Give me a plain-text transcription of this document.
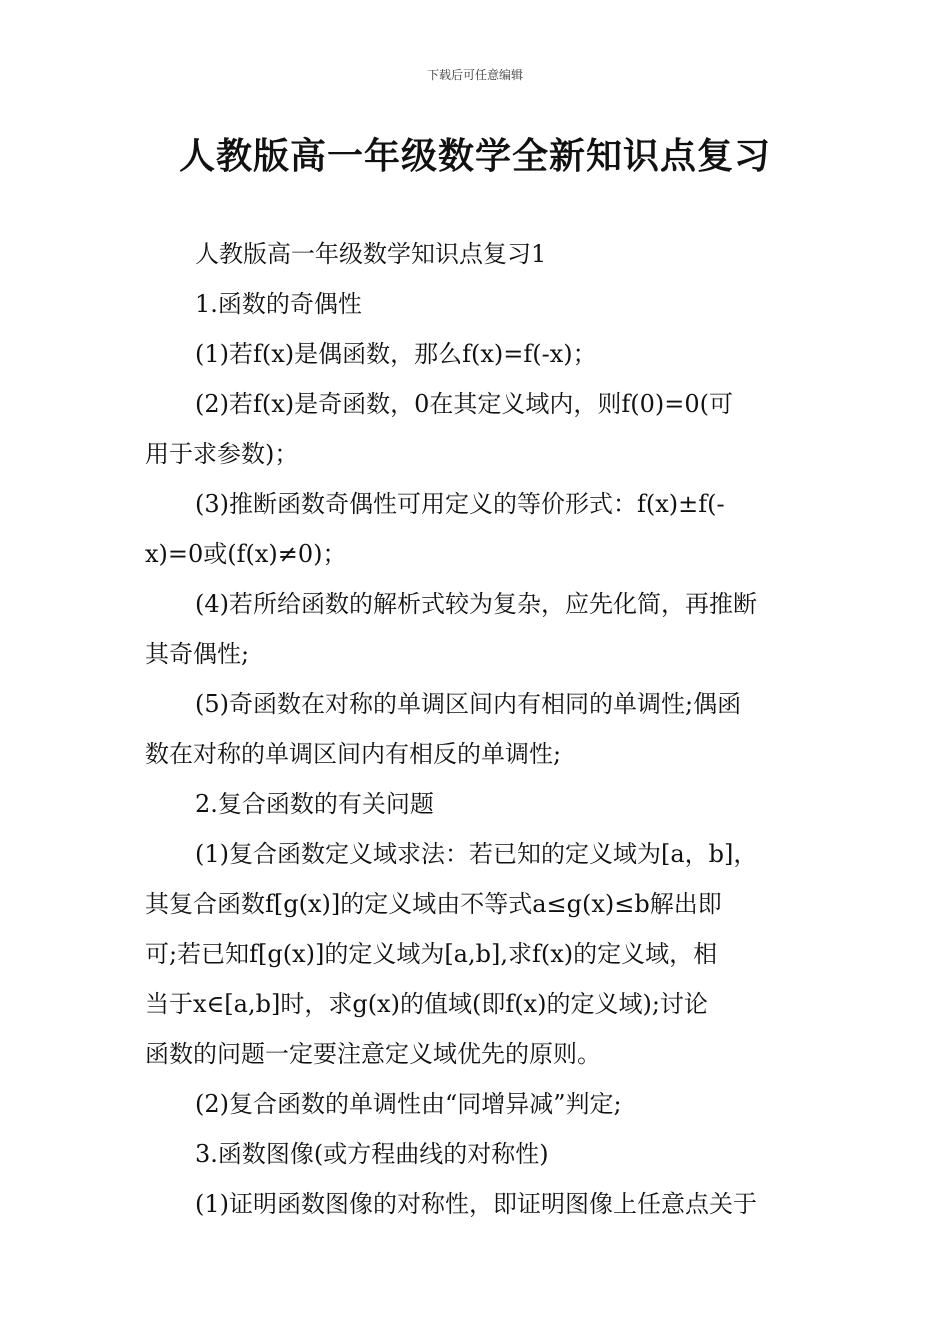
下载后可任意编辑
人教版高一年级数学全新知识点复习
人教版高一年级数学知识点复习1
1.函数的奇偶性
(1)若f(x)是偶函数，那么f(x)=f(-x)；
(2)若f(x)是奇函数，0在其定义域内，则f(0)=0(可
用于求参数)；
(3)推断函数奇偶性可用定义的等价形式：f(x)±f(-
x)=0或(f(x)≠0)；
(4)若所给函数的解析式较为复杂，应先化简，再推断
其奇偶性;
(5)奇函数在对称的单调区间内有相同的单调性;偶函
数在对称的单调区间内有相反的单调性;
2.复合函数的有关问题
(1)复合函数定义域求法：若已知的定义域为[a，b]，
其复合函数f[g(x)]的定义域由不等式a≤g(x)≤b解出即
可;若已知f[g(x)]的定义域为[a,b],求f(x)的定义域，相
当于x∈[a,b]时，求g(x)的值域(即f(x)的定义域);讨论
函数的问题一定要注意定义域优先的原则。
(2)复合函数的单调性由“同增异减”判定;
3.函数图像(或方程曲线的对称性)
(1)证明函数图像的对称性，即证明图像上任意点关于
